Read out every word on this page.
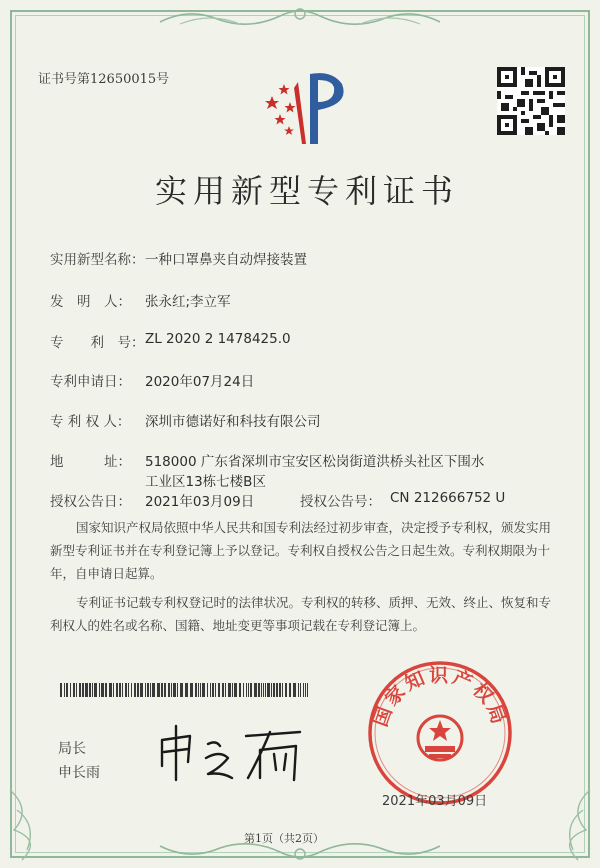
证书号第12650015号
实用新型专利证书
实用新型名称： 一种口罩鼻夹自动焊接装置
发　明　人： 张永红;李立军
专　　利　号： ZL 2020 2 1478425.0
专利申请日： 2020年07月24日
专 利 权 人： 深圳市德诺好和科技有限公司
地　　　址： 518000 广东省深圳市宝安区松岗街道洪桥头社区下围水
工业区13栋七楼B区
授权公告日： 2021年03月09日	授权公告号： CN 212666752 U

国家知识产权局依照中华人民共和国专利法经过初步审查，决定授予专利权，颁发实用新型专利证书并在专利登记簿上予以登记。专利权自授权公告之日起生效。专利权期限为十年，自申请日起算。

专利证书记载专利权登记时的法律状况。专利权的转移、质押、无效、终止、恢复和专利权人的姓名或名称、国籍、地址变更等事项记载在专利登记簿上。

局长
申长雨
国家知识产权局
2021年03月09日
第1页（共2页）
